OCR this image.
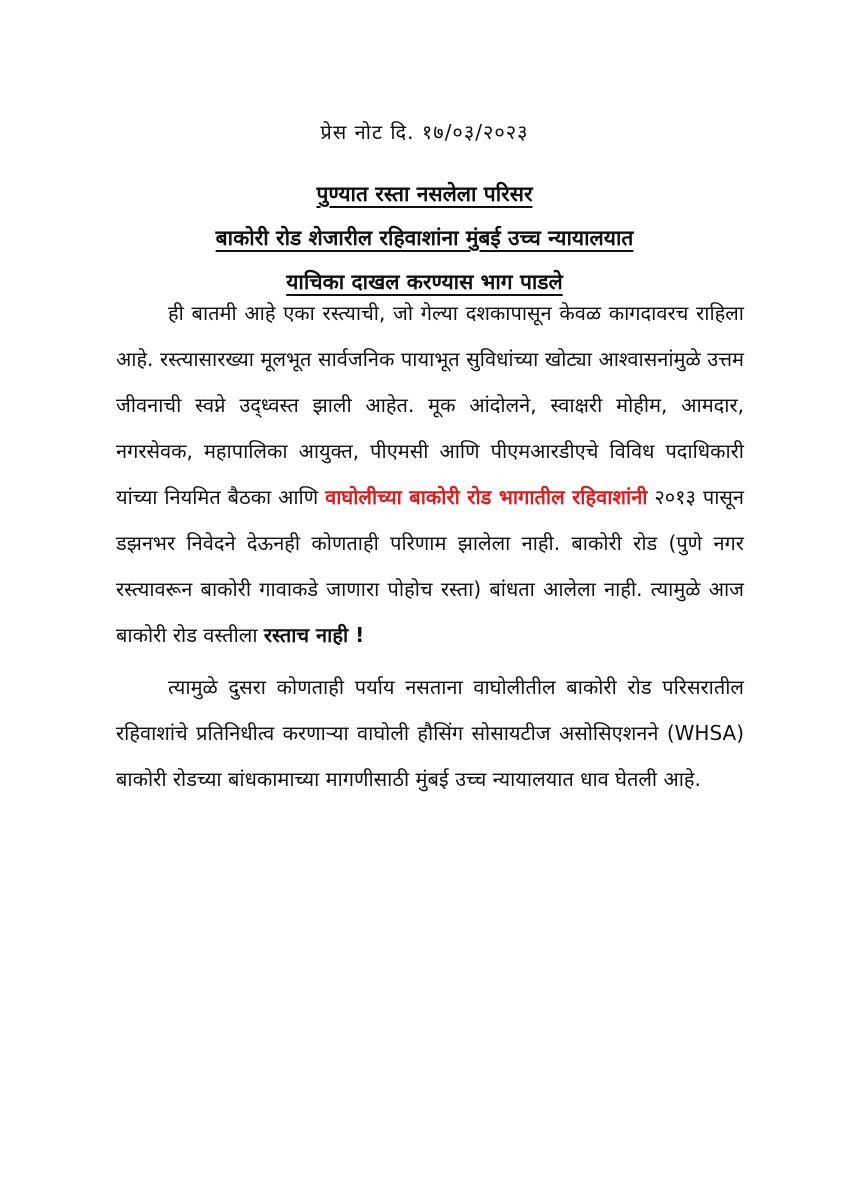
प्रेस नोट दि. १७/०३/२०२३
पुण्यात रस्ता नसलेला परिसर
बाकोरी रोड शेजारील रहिवाशांना मुंबई उच्च न्यायालयात
याचिका दाखल करण्यास भाग पाडले

ही बातमी आहे एका रस्त्याची, जो गेल्या दशकापासून केवळ कागदावरच राहिला आहे. रस्त्यासारख्या मूलभूत सार्वजनिक पायाभूत सुविधांच्या खोट्या आश्वासनांमुळे उत्तम जीवनाची स्वप्ने उद्ध्वस्त झाली आहेत. मूक आंदोलने, स्वाक्षरी मोहीम, आमदार, नगरसेवक, महापालिका आयुक्त, पीएमसी आणि पीएमआरडीएचे विविध पदाधिकारी यांच्या नियमित बैठका आणि वाघोलीच्या बाकोरी रोड भागातील रहिवाशांनी २०१३ पासून डझनभर निवेदने देऊनही कोणताही परिणाम झालेला नाही. बाकोरी रोड (पुणे नगर रस्त्यावरून बाकोरी गावाकडे जाणारा पोहोच रस्ता) बांधता आलेला नाही. त्यामुळे आज बाकोरी रोड वस्तीला रस्ताच नाही !

त्यामुळे दुसरा कोणताही पर्याय नसताना वाघोलीतील बाकोरी रोड परिसरातील रहिवाशांचे प्रतिनिधीत्व करणाऱ्या वाघोली हौसिंग सोसायटीज असोसिएशनने (WHSA) बाकोरी रोडच्या बांधकामाच्या मागणीसाठी मुंबई उच्च न्यायालयात धाव घेतली आहे.
